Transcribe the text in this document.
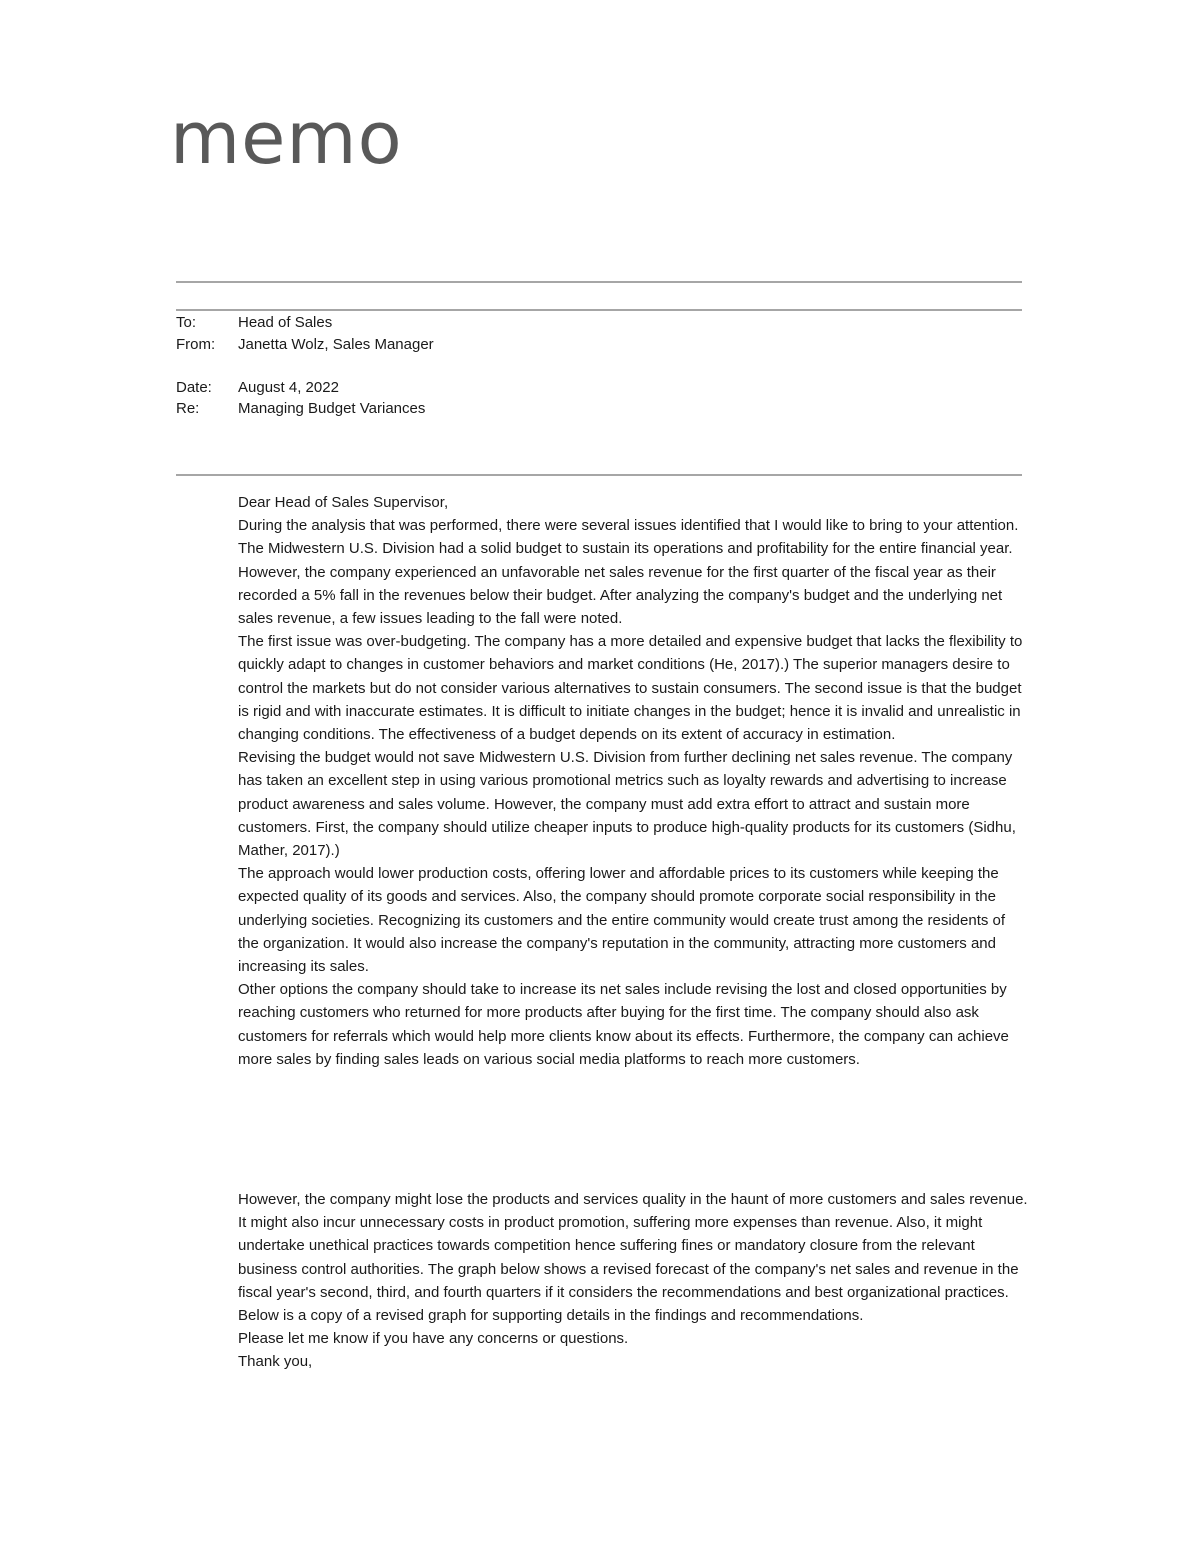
memo
To:	Head of Sales
From:	Janetta Wolz, Sales Manager
Date:	August 4, 2022
Re:	Managing Budget Variances

Dear Head of Sales Supervisor,

During the analysis that was performed, there were several issues identified that I would like to bring to your attention. The Midwestern U.S. Division had a solid budget to sustain its operations and profitability for the entire financial year. However, the company experienced an unfavorable net sales revenue for the first quarter of the fiscal year as their recorded a 5% fall in the revenues below their budget. After analyzing the company's budget and the underlying net sales revenue, a few issues leading to the fall were noted.

The first issue was over-budgeting. The company has a more detailed and expensive budget that lacks the flexibility to quickly adapt to changes in customer behaviors and market conditions (He, 2017).) The superior managers desire to control the markets but do not consider various alternatives to sustain consumers. The second issue is that the budget is rigid and with inaccurate estimates. It is difficult to initiate changes in the budget; hence it is invalid and unrealistic in changing conditions. The effectiveness of a budget depends on its extent of accuracy in estimation.

Revising the budget would not save Midwestern U.S. Division from further declining net sales revenue. The company has taken an excellent step in using various promotional metrics such as loyalty rewards and advertising to increase product awareness and sales volume. However, the company must add extra effort to attract and sustain more customers. First, the company should utilize cheaper inputs to produce high-quality products for its customers (Sidhu, Mather, 2017).)

The approach would lower production costs, offering lower and affordable prices to its customers while keeping the expected quality of its goods and services. Also, the company should promote corporate social responsibility in the underlying societies. Recognizing its customers and the entire community would create trust among the residents of the organization. It would also increase the company's reputation in the community, attracting more customers and increasing its sales.

Other options the company should take to increase its net sales include revising the lost and closed opportunities by reaching customers who returned for more products after buying for the first time. The company should also ask customers for referrals which would help more clients know about its effects. Furthermore, the company can achieve more sales by finding sales leads on various social media platforms to reach more customers.

However, the company might lose the products and services quality in the haunt of more customers and sales revenue. It might also incur unnecessary costs in product promotion, suffering more expenses than revenue. Also, it might undertake unethical practices towards competition hence suffering fines or mandatory closure from the relevant business control authorities. The graph below shows a revised forecast of the company's net sales and revenue in the fiscal year's second, third, and fourth quarters if it considers the recommendations and best organizational practices. Below is a copy of a revised graph for supporting details in the findings and recommendations.

Please let me know if you have any concerns or questions.

Thank you,
